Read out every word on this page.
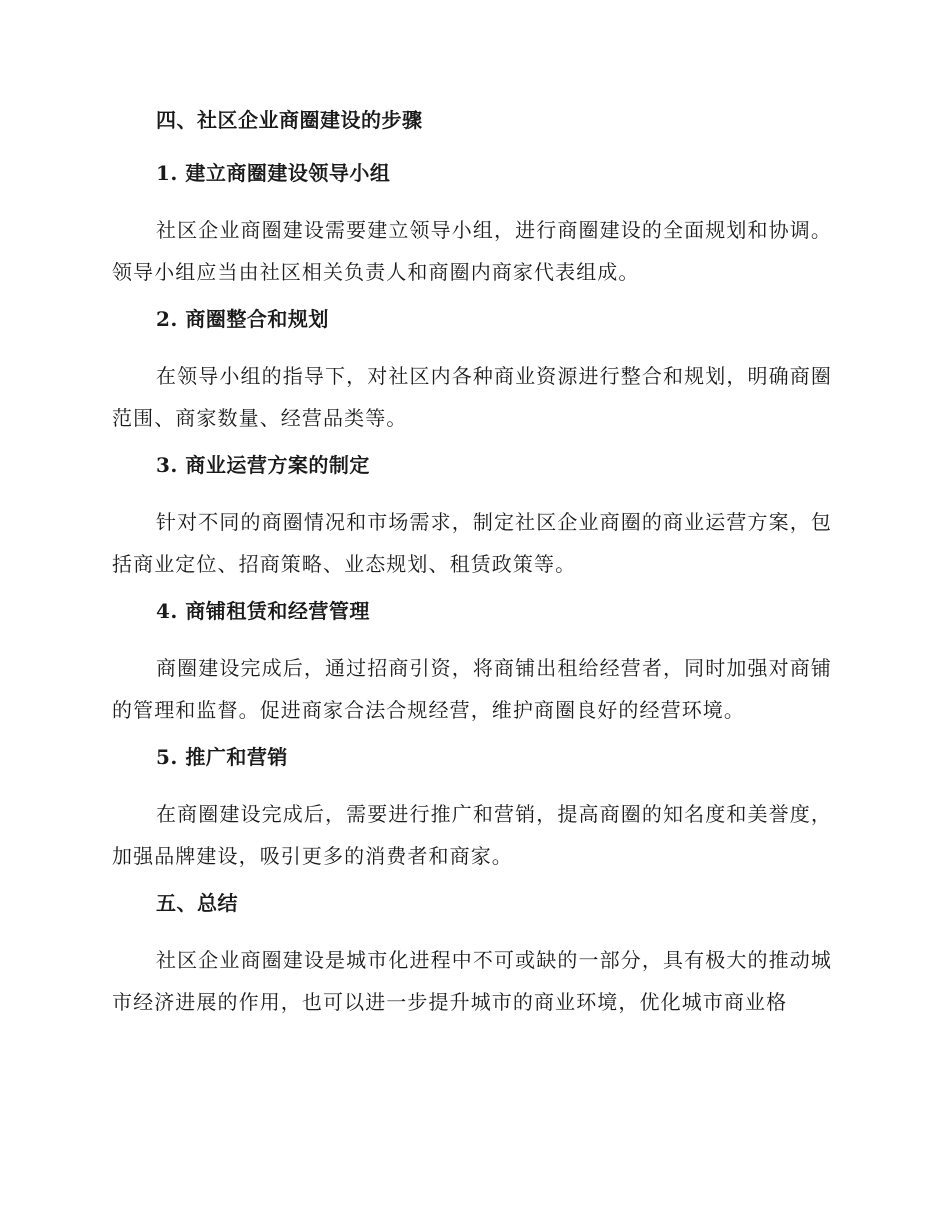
四、社区企业商圈建设的步骤
1. 建立商圈建设领导小组

社区企业商圈建设需要建立领导小组，进行商圈建设的全面规划和协调。领导小组应当由社区相关负责人和商圈内商家代表组成。

2. 商圈整合和规划

在领导小组的指导下，对社区内各种商业资源进行整合和规划，明确商圈范围、商家数量、经营品类等。

3. 商业运营方案的制定

针对不同的商圈情况和市场需求，制定社区企业商圈的商业运营方案，包括商业定位、招商策略、业态规划、租赁政策等。

4. 商铺租赁和经营管理

商圈建设完成后，通过招商引资，将商铺出租给经营者，同时加强对商铺的管理和监督。促进商家合法合规经营，维护商圈良好的经营环境。

5. 推广和营销

在商圈建设完成后，需要进行推广和营销，提高商圈的知名度和美誉度，加强品牌建设，吸引更多的消费者和商家。

五、总结

社区企业商圈建设是城市化进程中不可或缺的一部分，具有极大的推动城市经济进展的作用，也可以进一步提升城市的商业环境，优化城市商业格
